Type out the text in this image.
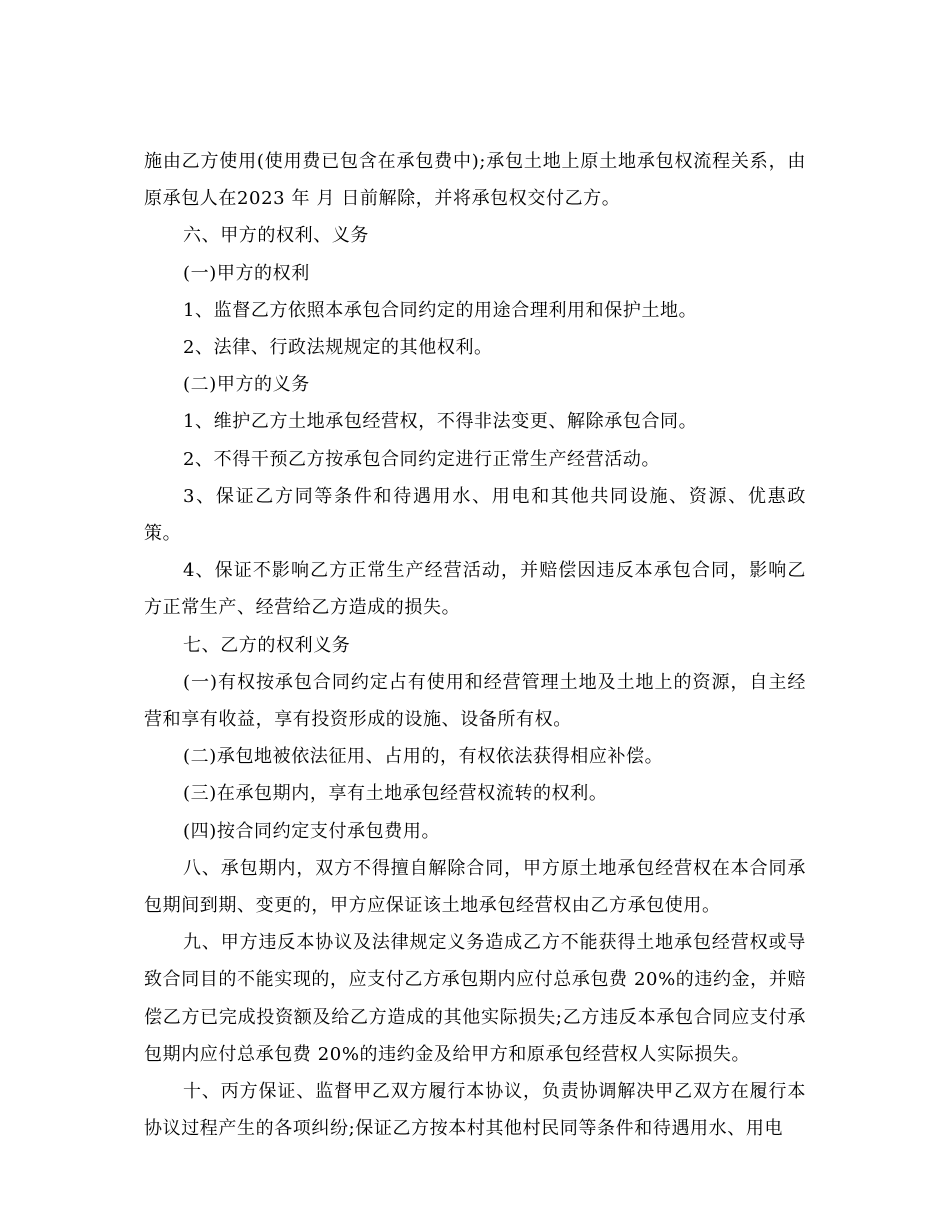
施由乙方使用(使用费已包含在承包费中);承包土地上原土地承包权流程关系，由原承包人在2023 年 月 日前解除，并将承包权交付乙方。

六、甲方的权利、义务

(一)甲方的权利

1、监督乙方依照本承包合同约定的用途合理利用和保护土地。

2、法律、行政法规规定的其他权利。

(二)甲方的义务

1、维护乙方土地承包经营权，不得非法变更、解除承包合同。

2、不得干预乙方按承包合同约定进行正常生产经营活动。

3、保证乙方同等条件和待遇用水、用电和其他共同设施、资源、优惠政策。

4、保证不影响乙方正常生产经营活动，并赔偿因违反本承包合同，影响乙方正常生产、经营给乙方造成的损失。

七、乙方的权利义务

(一)有权按承包合同约定占有使用和经营管理土地及土地上的资源，自主经营和享有收益，享有投资形成的设施、设备所有权。

(二)承包地被依法征用、占用的，有权依法获得相应补偿。

(三)在承包期内，享有土地承包经营权流转的权利。

(四)按合同约定支付承包费用。

八、承包期内，双方不得擅自解除合同，甲方原土地承包经营权在本合同承包期间到期、变更的，甲方应保证该土地承包经营权由乙方承包使用。

九、甲方违反本协议及法律规定义务造成乙方不能获得土地承包经营权或导致合同目的不能实现的，应支付乙方承包期内应付总承包费 20%的违约金，并赔偿乙方已完成投资额及给乙方造成的其他实际损失;乙方违反本承包合同应支付承包期内应付总承包费 20%的违约金及给甲方和原承包经营权人实际损失。

十、丙方保证、监督甲乙双方履行本协议，负责协调解决甲乙双方在履行本协议过程产生的各项纠纷;保证乙方按本村其他村民同等条件和待遇用水、用电
